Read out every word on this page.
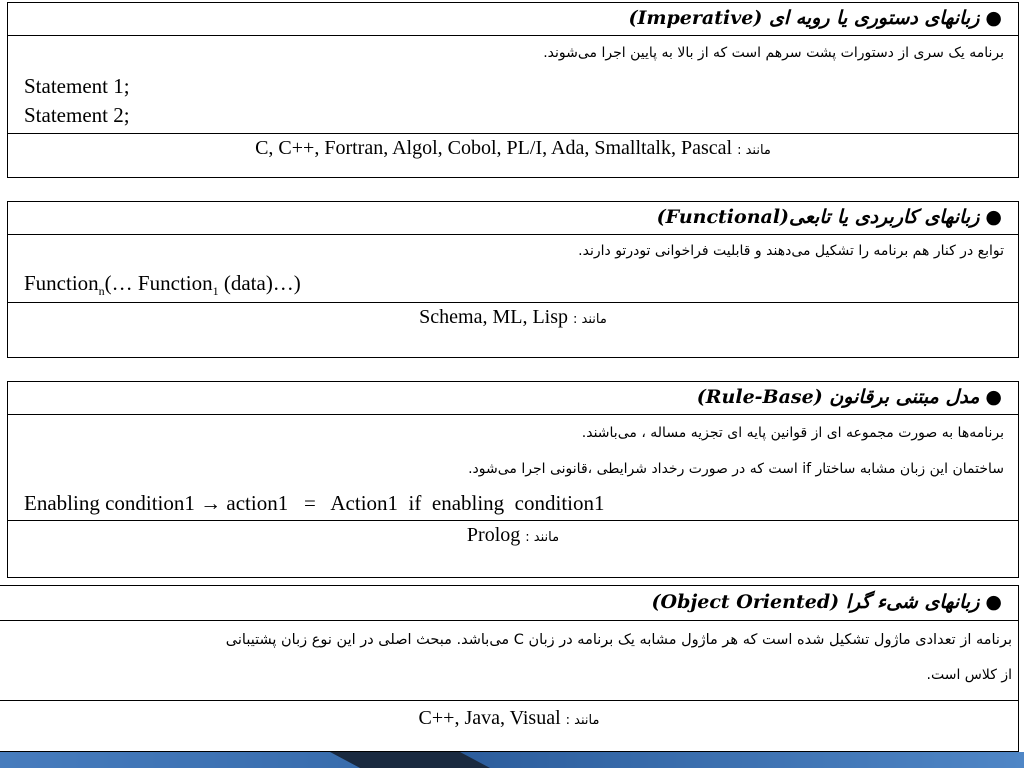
●زبانهای دستوری یا رویه ای (Imperative)
برنامه یک سری از دستورات پشت سرهم است که از بالا به پایین اجرا می‌شوند.
Statement 1;
Statement 2;
مانند : C, C++, Fortran, Algol, Cobol, PL/I, Ada, Smalltalk, Pascal
●زبانهای کاربردی یا تابعی(Functional)
توابع در کنار هم برنامه را تشکیل می‌دهند و قابلیت فراخوانی تودرتو دارند.
Function$_n$(… Function$_1$ (data)…)
مانند : Schema, ML, Lisp
●مدل مبتنی برقانون (Rule-Base)
برنامه‌ها به صورت مجموعه ای از قوانین پایه ای تجزیه مساله ، می‌باشند.
ساختمان این زبان مشابه ساختار if است که در صورت رخداد شرایطی ،قانونی اجرا می‌شود.
Enabling condition1 → action1   =   Action1  if  enabling  condition1
مانند : Prolog
●زبانهای شیء گرا (Object Oriented)
برنامه از تعدادی ماژول تشکیل شده است که هر ماژول مشابه یک برنامه در زبان C می‌باشد. مبحث اصلی در این نوع زبان پشتیبانی
از کلاس است.
مانند : C++, Java, Visual
